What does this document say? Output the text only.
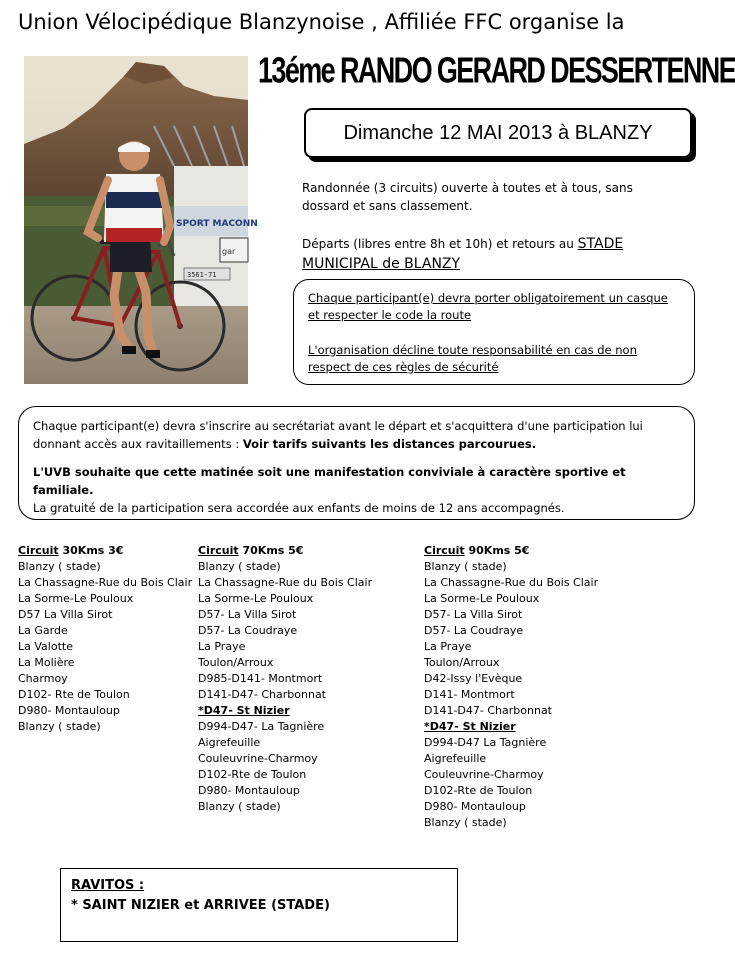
Union Vélocipédique Blanzynoise , Affiliée FFC organise la
SPORT MACONN
gar
3561-71
13éme RANDO GERARD DESSERTENNE
Dimanche 12 MAI 2013 à BLANZY
Randonnée (3 circuits) ouverte à toutes et à tous, sans dossard et sans classement.
Départs (libres entre 8h et 10h) et retours au STADE MUNICIPAL de BLANZY
Chaque participant(e) devra porter obligatoirement un casque et respecter le code la route
L'organisation décline toute responsabilité en cas de non respect de ces règles de sécurité
Chaque participant(e) devra s'inscrire au secrétariat avant le départ et s'acquittera d'une participation lui donnant accès aux ravitaillements : Voir tarifs suivants les distances parcourues.
L'UVB souhaite que cette matinée soit une manifestation conviviale à caractère sportive et familiale.
La gratuité de la participation sera accordée aux enfants de moins de 12 ans accompagnés.
Circuit 30Kms 3€
Blanzy ( stade)
La Chassagne-Rue du Bois Clair
La Sorme-Le Pouloux
D57 La Villa Sirot
La Garde
La Valotte
La Molière
Charmoy
D102- Rte de Toulon
D980- Montauloup
Blanzy ( stade)
Circuit 70Kms 5€
Blanzy ( stade)
La Chassagne-Rue du Bois Clair
La Sorme-Le Pouloux
D57- La Villa Sirot
D57- La Coudraye
La Praye
Toulon/Arroux
D985-D141- Montmort
D141-D47- Charbonnat
*D47- St Nizier
D994-D47- La Tagnière
Aigrefeuille
Couleuvrine-Charmoy
D102-Rte de Toulon
D980- Montauloup
Blanzy ( stade)
Circuit 90Kms 5€
Blanzy ( stade)
La Chassagne-Rue du Bois Clair
La Sorme-Le Pouloux
D57- La Villa Sirot
D57- La Coudraye
La Praye
Toulon/Arroux
D42-Issy l'Evèque
D141- Montmort
D141-D47- Charbonnat
*D47- St Nizier
D994-D47 La Tagnière
Aigrefeuille
Couleuvrine-Charmoy
D102-Rte de Toulon
D980- Montauloup
Blanzy ( stade)
RAVITOS :
* SAINT NIZIER et ARRIVEE (STADE)
